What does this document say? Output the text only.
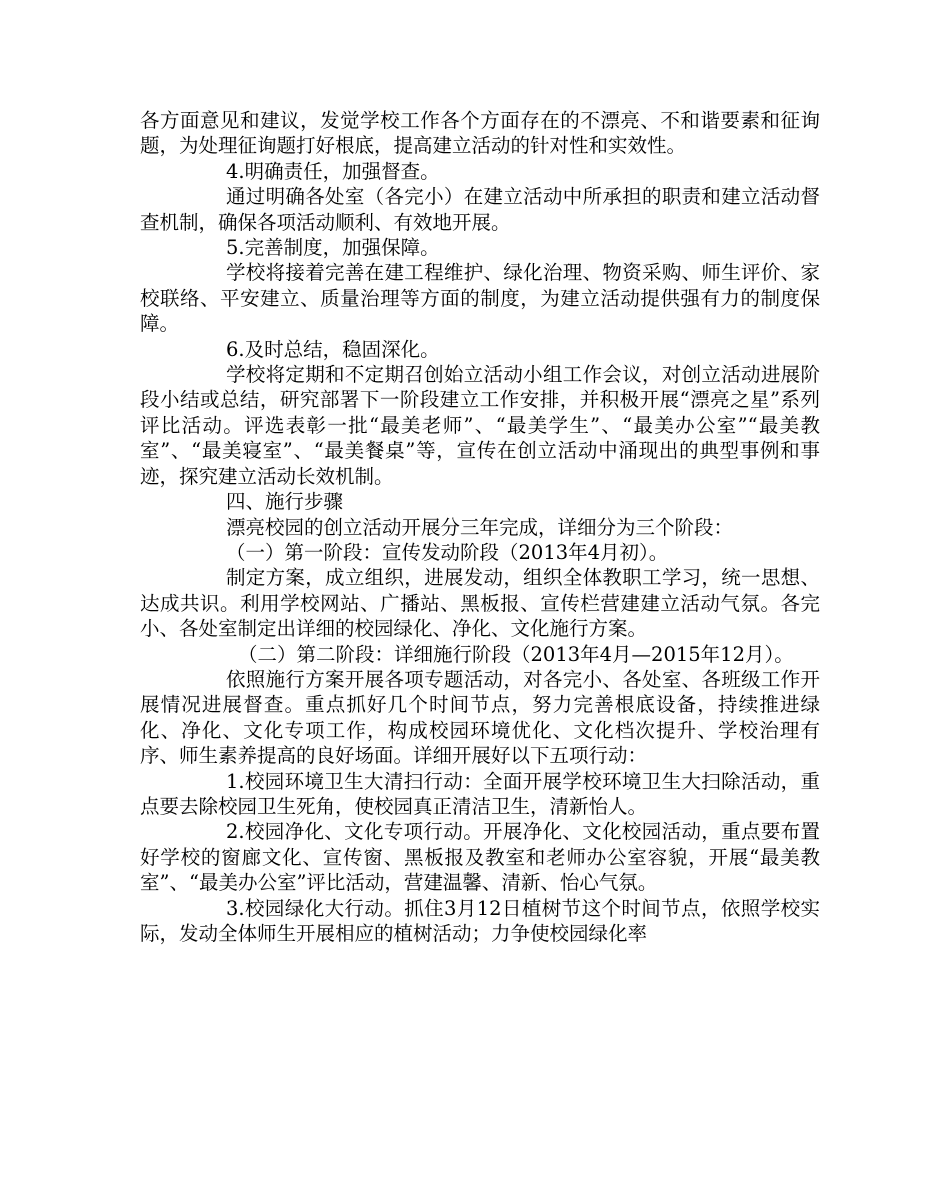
各方面意见和建议，发觉学校工作各个方面存在的不漂亮、不和谐要素和征询题，为处理征询题打好根底，提高建立活动的针对性和实效性。

4.明确责任，加强督查。

通过明确各处室（各完小）在建立活动中所承担的职责和建立活动督查机制，确保各项活动顺利、有效地开展。

5.完善制度，加强保障。

学校将接着完善在建工程维护、绿化治理、物资采购、师生评价、家校联络、平安建立、质量治理等方面的制度，为建立活动提供强有力的制度保障。

6.及时总结，稳固深化。

学校将定期和不定期召创始立活动小组工作会议，对创立活动进展阶段小结或总结，研究部署下一阶段建立工作安排，并积极开展“漂亮之星”系列评比活动。评选表彰一批“最美老师”、“最美学生”、“最美办公室”“最美教室”、“最美寝室”、“最美餐桌”等，宣传在创立活动中涌现出的典型事例和事迹，探究建立活动长效机制。

四、施行步骤

漂亮校园的创立活动开展分三年完成，详细分为三个阶段：

（一）第一阶段：宣传发动阶段（2013年4月初）。

制定方案，成立组织，进展发动，组织全体教职工学习，统一思想、达成共识。利用学校网站、广播站、黑板报、宣传栏营建建立活动气氛。各完小、各处室制定出详细的校园绿化、净化、文化施行方案。

（二）第二阶段：详细施行阶段（2013年4月—2015年12月）。

依照施行方案开展各项专题活动，对各完小、各处室、各班级工作开展情况进展督查。重点抓好几个时间节点，努力完善根底设备，持续推进绿化、净化、文化专项工作，构成校园环境优化、文化档次提升、学校治理有序、师生素养提高的良好场面。详细开展好以下五项行动：

1.校园环境卫生大清扫行动：全面开展学校环境卫生大扫除活动，重点要去除校园卫生死角，使校园真正清洁卫生，清新怡人。

2.校园净化、文化专项行动。开展净化、文化校园活动，重点要布置好学校的窗廊文化、宣传窗、黑板报及教室和老师办公室容貌，开展“最美教室”、“最美办公室”评比活动，营建温馨、清新、怡心气氛。

3.校园绿化大行动。抓住3月12日植树节这个时间节点，依照学校实际，发动全体师生开展相应的植树活动；力争使校园绿化率
